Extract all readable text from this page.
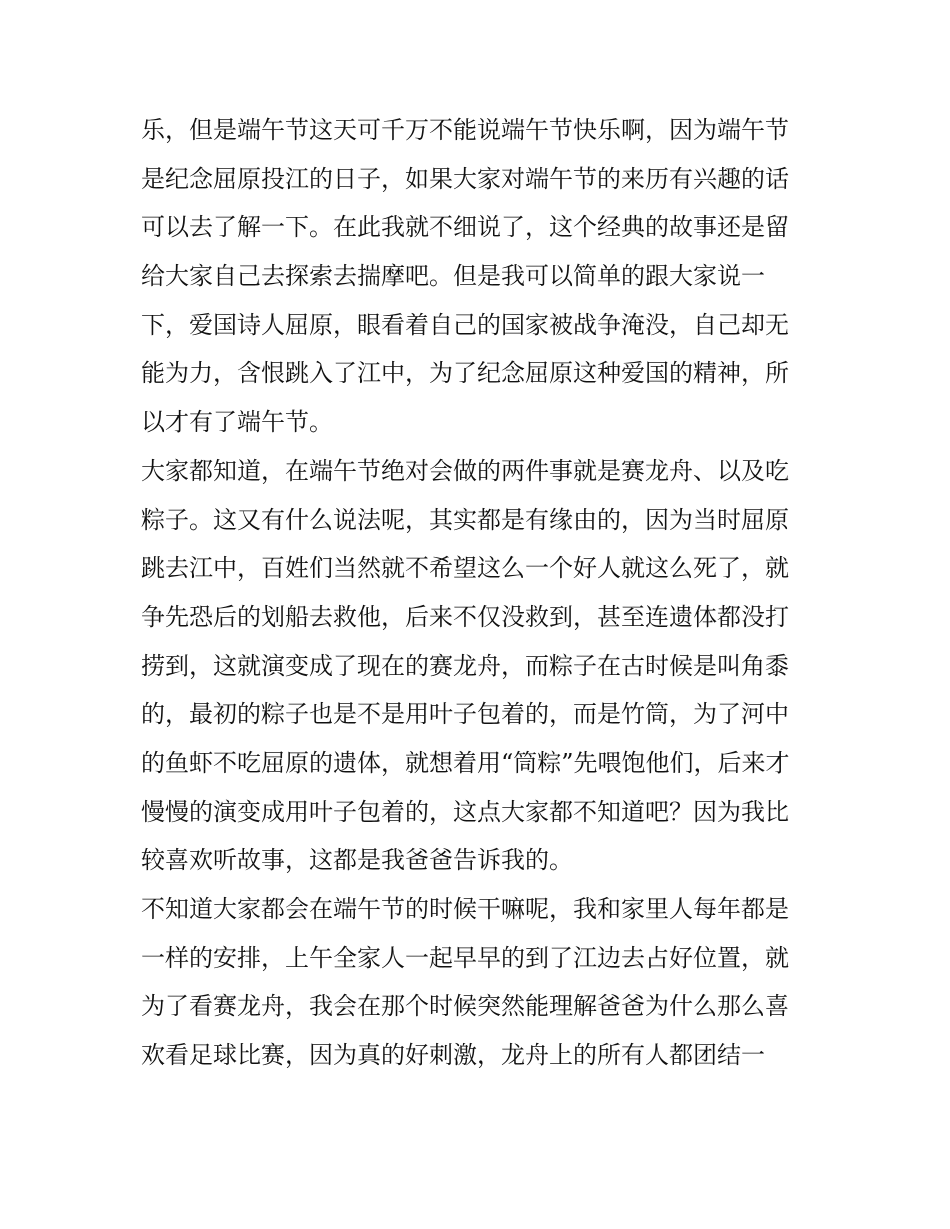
乐，但是端午节这天可千万不能说端午节快乐啊，因为端午节
是纪念屈原投江的日子，如果大家对端午节的来历有兴趣的话
可以去了解一下。在此我就不细说了，这个经典的故事还是留
给大家自己去探索去揣摩吧。但是我可以简单的跟大家说一
下，爱国诗人屈原，眼看着自己的国家被战争淹没，自己却无
能为力，含恨跳入了江中，为了纪念屈原这种爱国的精神，所
以才有了端午节。
大家都知道，在端午节绝对会做的两件事就是赛龙舟、以及吃
粽子。这又有什么说法呢，其实都是有缘由的，因为当时屈原
跳去江中，百姓们当然就不希望这么一个好人就这么死了，就
争先恐后的划船去救他，后来不仅没救到，甚至连遗体都没打
捞到，这就演变成了现在的赛龙舟，而粽子在古时候是叫角黍
的，最初的粽子也是不是用叶子包着的，而是竹筒，为了河中
的鱼虾不吃屈原的遗体，就想着用“筒粽”先喂饱他们，后来才
慢慢的演变成用叶子包着的，这点大家都不知道吧？因为我比
较喜欢听故事，这都是我爸爸告诉我的。
不知道大家都会在端午节的时候干嘛呢，我和家里人每年都是
一样的安排，上午全家人一起早早的到了江边去占好位置，就
为了看赛龙舟，我会在那个时候突然能理解爸爸为什么那么喜
欢看足球比赛，因为真的好刺激，龙舟上的所有人都团结一
